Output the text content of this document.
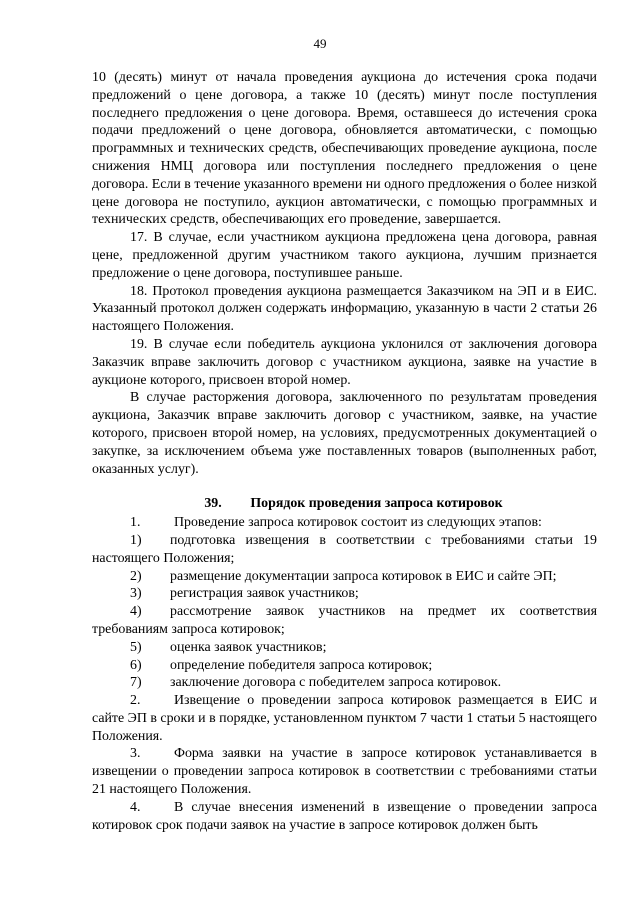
49

10 (десять) минут от начала проведения аукциона до истечения срока подачи предложений о цене договора, а также 10 (десять) минут после поступления последнего предложения о цене договора. Время, оставшееся до истечения срока подачи предложений о цене договора, обновляется автоматически, с помощью программных и технических средств, обеспечивающих проведение аукциона, после снижения НМЦ договора или поступления последнего предложения о цене договора. Если в течение указанного времени ни одного предложения о более низкой цене договора не поступило, аукцион автоматически, с помощью программных и технических средств, обеспечивающих его проведение, завершается.

17. В случае, если участником аукциона предложена цена договора, равная цене, предложенной другим участником такого аукциона, лучшим признается предложение о цене договора, поступившее раньше.

18. Протокол проведения аукциона размещается Заказчиком на ЭП и в ЕИС. Указанный протокол должен содержать информацию, указанную в части 2 статьи 26 настоящего Положения.

19. В случае если победитель аукциона уклонился от заключения договора Заказчик вправе заключить договор с участником аукциона, заявке на участие в аукционе которого, присвоен второй номер.

В случае расторжения договора, заключенного по результатам проведения аукциона, Заказчик вправе заключить договор с участником, заявке, на участие которого, присвоен второй номер, на условиях, предусмотренных документацией о закупке, за исключением объема уже поставленных товаров (выполненных работ, оказанных услуг).

39. Порядок проведения запроса котировок

1. Проведение запроса котировок состоит из следующих этапов:

1) подготовка извещения в соответствии с требованиями статьи 19 настоящего Положения;

2) размещение документации запроса котировок в ЕИС и сайте ЭП;

3) регистрация заявок участников;

4) рассмотрение заявок участников на предмет их соответствия требованиям запроса котировок;

5) оценка заявок участников;

6) определение победителя запроса котировок;

7) заключение договора с победителем запроса котировок.

2. Извещение о проведении запроса котировок размещается в ЕИС и сайте ЭП в сроки и в порядке, установленном пунктом 7 части 1 статьи 5 настоящего Положения.

3. Форма заявки на участие в запросе котировок устанавливается в извещении о проведении запроса котировок в соответствии с требованиями статьи 21 настоящего Положения.

4. В случае внесения изменений в извещение о проведении запроса котировок срок подачи заявок на участие в запросе котировок должен быть
